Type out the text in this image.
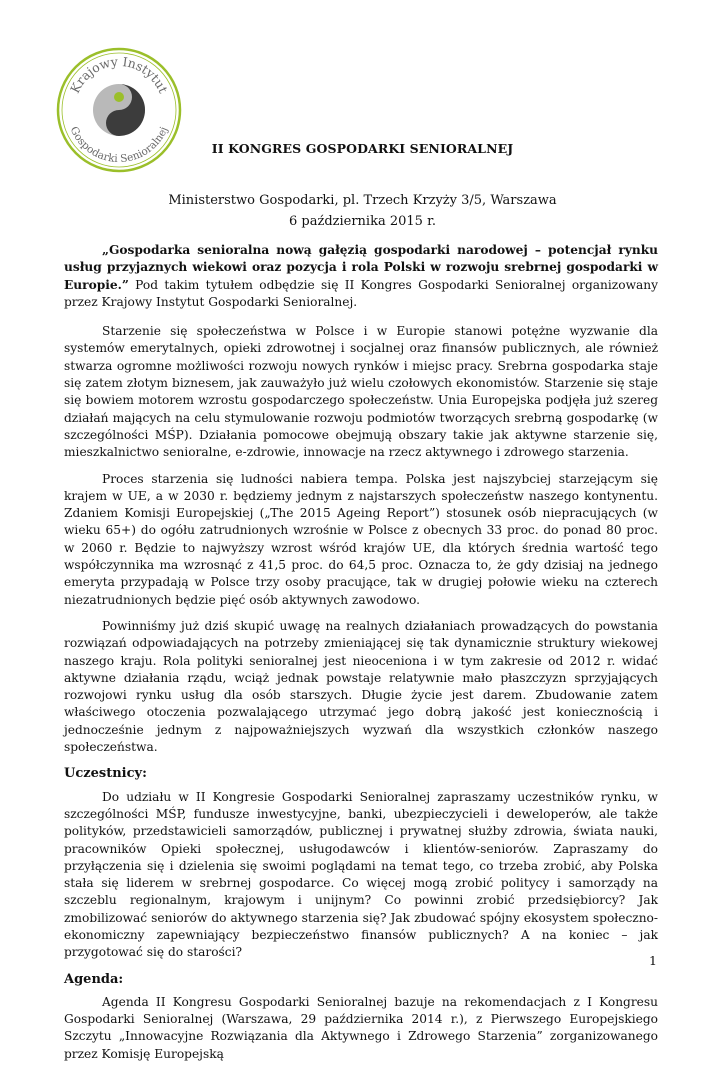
Krajowy Instytut
Gospodarki Senioralnej
II KONGRES GOSPODARKI SENIORALNEJ
Ministerstwo Gospodarki, pl. Trzech Krzyży 3/5, Warszawa
6 października 2015 r.

„Gospodarka senioralna nową gałęzią gospodarki narodowej – potencjał rynku usług przyjaznych wiekowi oraz pozycja i rola Polski w rozwoju srebrnej gospodarki w Europie.” Pod takim tytułem odbędzie się II Kongres Gospodarki Senioralnej organizowany przez Krajowy Instytut Gospodarki Senioralnej.

Starzenie się społeczeństwa w Polsce i w Europie stanowi potężne wyzwanie dla systemów emerytalnych, opieki zdrowotnej i socjalnej oraz finansów publicznych, ale również stwarza ogromne możliwości rozwoju nowych rynków i miejsc pracy. Srebrna gospodarka staje się zatem złotym biznesem, jak zauważyło już wielu czołowych ekonomistów. Starzenie się staje się bowiem motorem wzrostu gospodarczego społeczeństw. Unia Europejska podjęła już szereg działań mających na celu stymulowanie rozwoju podmiotów tworzących srebrną gospodarkę (w szczególności MŚP). Działania pomocowe obejmują obszary takie jak aktywne starzenie się, mieszkalnictwo senioralne, e-zdrowie, innowacje na rzecz aktywnego i zdrowego starzenia.

Proces starzenia się ludności nabiera tempa. Polska jest najszybciej starzejącym się krajem w UE, a w 2030 r. będziemy jednym z najstarszych społeczeństw naszego kontynentu. Zdaniem Komisji Europejskiej („The 2015 Ageing Report”) stosunek osób niepracujących (w wieku 65+) do ogółu zatrudnionych wzrośnie w Polsce z obecnych 33 proc. do ponad 80 proc. w 2060 r. Będzie to najwyższy wzrost wśród krajów UE, dla których średnia wartość tego współczynnika ma wzrosnąć z 41,5 proc. do 64,5 proc. Oznacza to, że gdy dzisiaj na jednego emeryta przypadają w Polsce trzy osoby pracujące, tak w drugiej połowie wieku na czterech niezatrudnionych będzie pięć osób aktywnych zawodowo.

Powinniśmy już dziś skupić uwagę na realnych działaniach prowadzących do powstania rozwiązań odpowiadających na potrzeby zmieniającej się tak dynamicznie struktury wiekowej naszego kraju. Rola polityki senioralnej jest nieoceniona i w tym zakresie od 2012 r. widać aktywne działania rządu, wciąż jednak powstaje relatywnie mało płaszczyzn sprzyjających rozwojowi rynku usług dla osób starszych. Długie życie jest darem. Zbudowanie zatem właściwego otoczenia pozwalającego utrzymać jego dobrą jakość jest koniecznością i jednocześnie jednym z najpoważniejszych wyzwań dla wszystkich członków naszego społeczeństwa.

Uczestnicy:

Do udziału w II Kongresie Gospodarki Senioralnej zapraszamy uczestników rynku, w szczególności MŚP, fundusze inwestycyjne, banki, ubezpieczycieli i deweloperów, ale także polityków, przedstawicieli samorządów, publicznej i prywatnej służby zdrowia, świata nauki, pracowników Opieki społecznej, usługodawców i klientów-seniorów. Zapraszamy do przyłączenia się i dzielenia się swoimi poglądami na temat tego, co trzeba zrobić, aby Polska stała się liderem w srebrnej gospodarce. Co więcej mogą zrobić politycy i samorządy na szczeblu regionalnym, krajowym i unijnym? Co powinni zrobić przedsiębiorcy? Jak zmobilizować seniorów do aktywnego starzenia się? Jak zbudować spójny ekosystem społeczno-ekonomiczny zapewniający bezpieczeństwo finansów publicznych? A na koniec – jak przygotować się do starości?

Agenda:

Agenda II Kongresu Gospodarki Senioralnej bazuje na rekomendacjach z I Kongresu Gospodarki Senioralnej (Warszawa, 29 października 2014 r.), z Pierwszego Europejskiego Szczytu „Innowacyjne Rozwiązania dla Aktywnego i Zdrowego Starzenia” zorganizowanego przez Komisję Europejską

1
